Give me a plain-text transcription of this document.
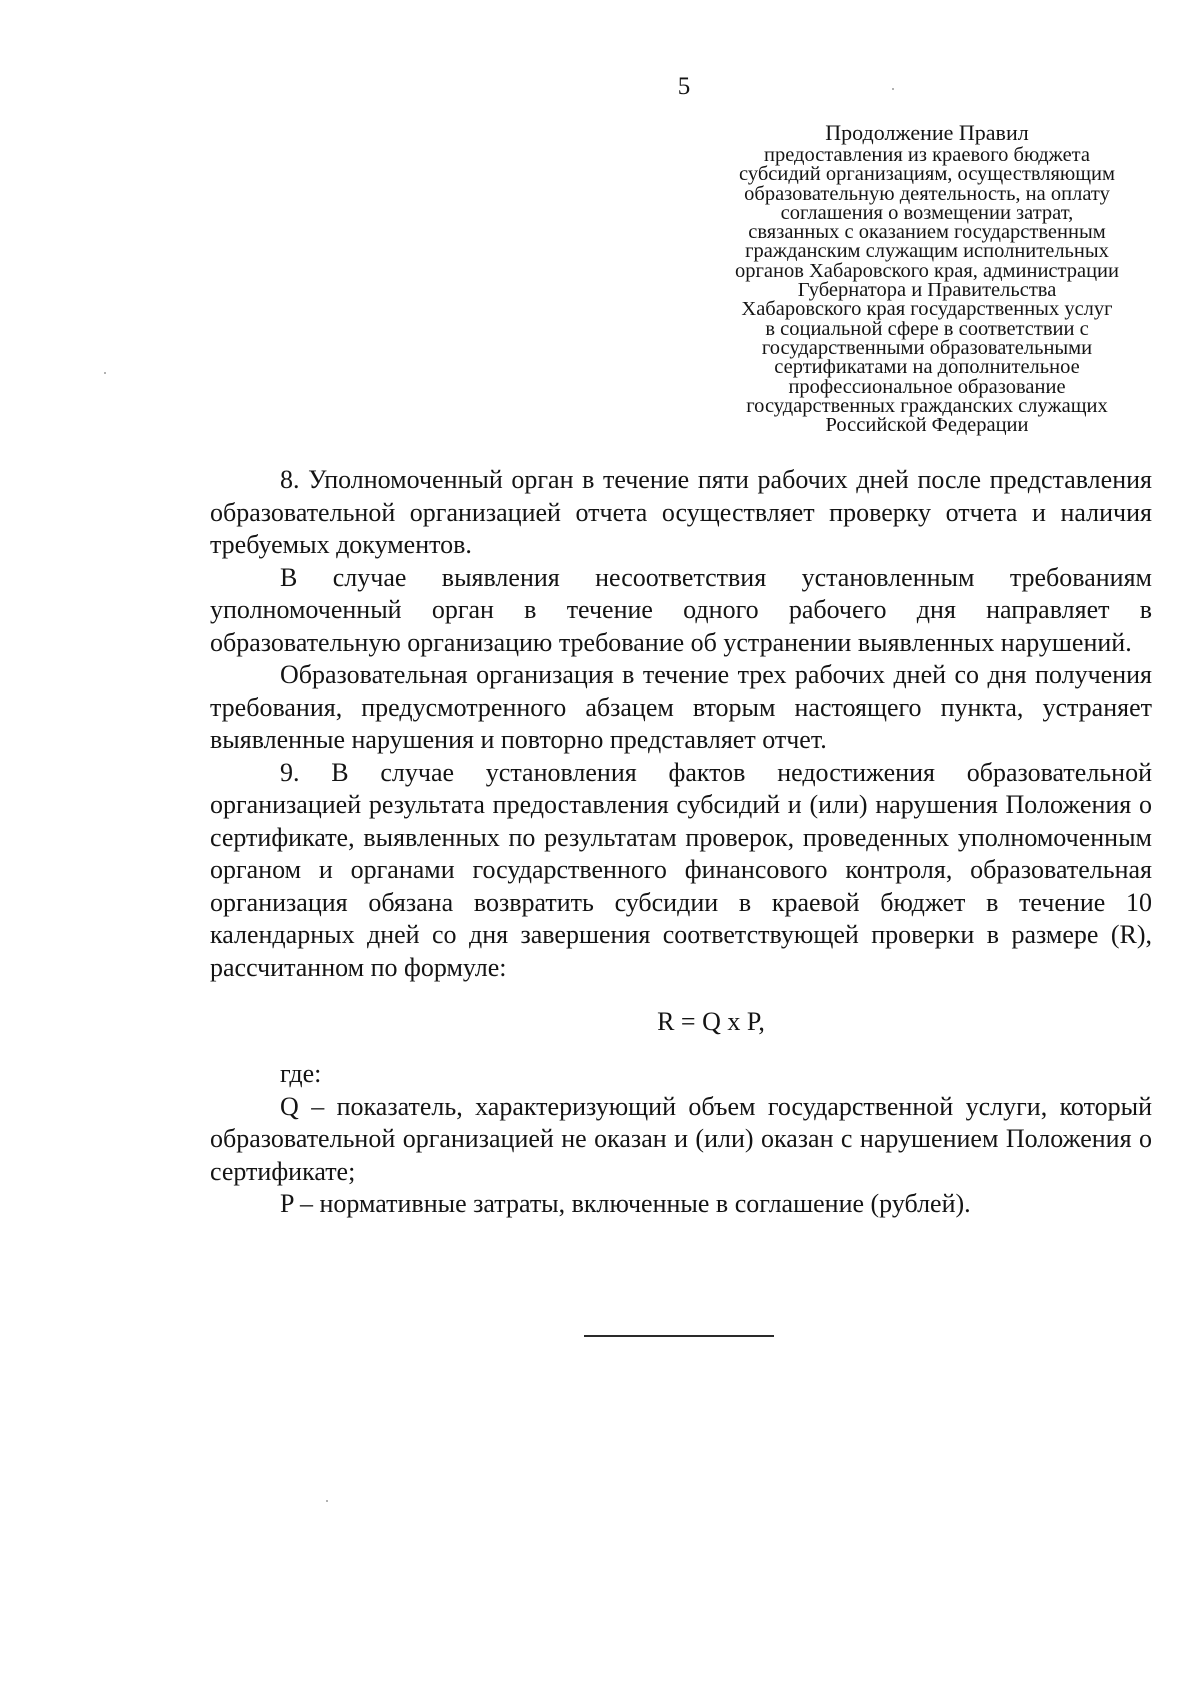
5
Продолжение Правил
предоставления из краевого бюджета
субсидий организациям, осуществляющим
образовательную деятельность, на оплату
соглашения о возмещении затрат,
связанных с оказанием государственным
гражданским служащим исполнительных
органов Хабаровского края, администрации
Губернатора и Правительства
Хабаровского края государственных услуг
в социальной сфере в соответствии с
государственными образовательными
сертификатами на дополнительное
профессиональное образование
государственных гражданских служащих
Российской Федерации

8. Уполномоченный орган в течение пяти рабочих дней после представления образовательной организацией отчета осуществляет проверку отчета и наличия требуемых документов.

В случае выявления несоответствия установленным требованиям уполномоченный орган в течение одного рабочего дня направляет в образовательную организацию требование об устранении выявленных нарушений.

Образовательная организация в течение трех рабочих дней со дня получения требования, предусмотренного абзацем вторым настоящего пункта, устраняет выявленные нарушения и повторно представляет отчет.

9. В случае установления фактов недостижения образовательной организацией результата предоставления субсидий и (или) нарушения Положения о сертификате, выявленных по результатам проверок, проведенных уполномоченным органом и органами государственного финансового контроля, образовательная организация обязана возвратить субсидии в краевой бюджет в течение 10 календарных дней со дня завершения соответствующей проверки в размере (R), рассчитанном по формуле:

R = Q x P,

где:

Q – показатель, характеризующий объем государственной услуги, который образовательной организацией не оказан и (или) оказан с нарушением Положения о сертификате;

P – нормативные затраты, включенные в соглашение (рублей).
